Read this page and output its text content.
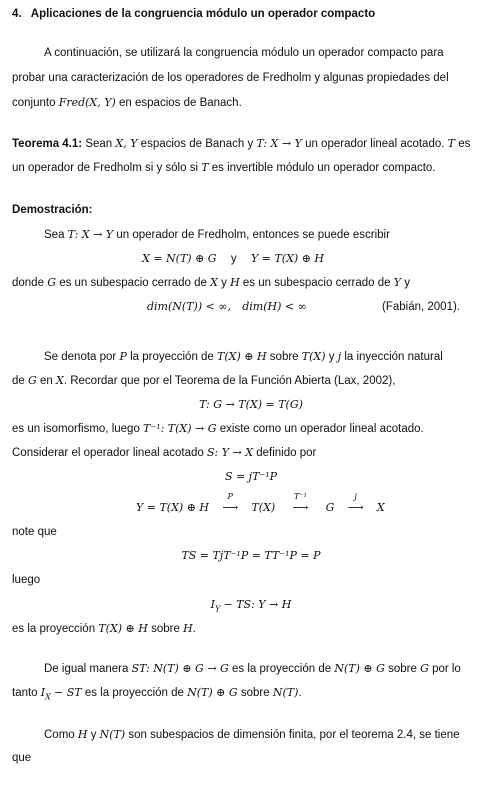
4. Aplicaciones de la congruencia módulo un operador compacto
A continuación, se utilizará la congruencia módulo un operador compacto para
probar una caracterización de los operadores de Fredholm y algunas propiedades del
conjunto Fred(X, Y) en espacios de Banach.
Teorema 4.1: Sean X, Y espacios de Banach y T: X → Y un operador lineal acotado. T es
un operador de Fredholm si y sólo si T es invertible módulo un operador compacto.
Demostración:
Sea T: X → Y un operador de Fredholm, entonces se puede escribir
X = N(T) ⊕ G y Y = T(X) ⊕ H
donde G es un subespacio cerrado de X y H es un subespacio cerrado de Y y
dim(N(T)) < ∞, dim(H) < ∞	(Fabián, 2001).
Se denota por P la proyección de T(X) ⊕ H sobre T(X) y j la inyección natural
de G en X. Recordar que por el Teorema de la Función Abierta (Lax, 2002),
T: G → T(X) = T(G)
es un isomorfismo, luego T⁻¹: T(X) → G existe como un operador lineal acotado.
Considerar el operador lineal acotado S: Y → X definido por
S = jT⁻¹P
Y = T(X) ⊕ H
P
⟶ T(X)
T⁻¹
⟶ G
j
⟶ X
note que
TS = TjT⁻¹P = TT⁻¹P = P
luego
$I_Y$ − TS: Y → H
es la proyección T(X) ⊕ H sobre H.
De igual manera ST: N(T) ⊕ G → G es la proyección de N(T) ⊕ G sobre G por lo
tanto $I_X$ − ST es la proyección de N(T) ⊕ G sobre N(T).
Como H y N(T) son subespacios de dimensión finita, por el teorema 2.4, se tiene
que
